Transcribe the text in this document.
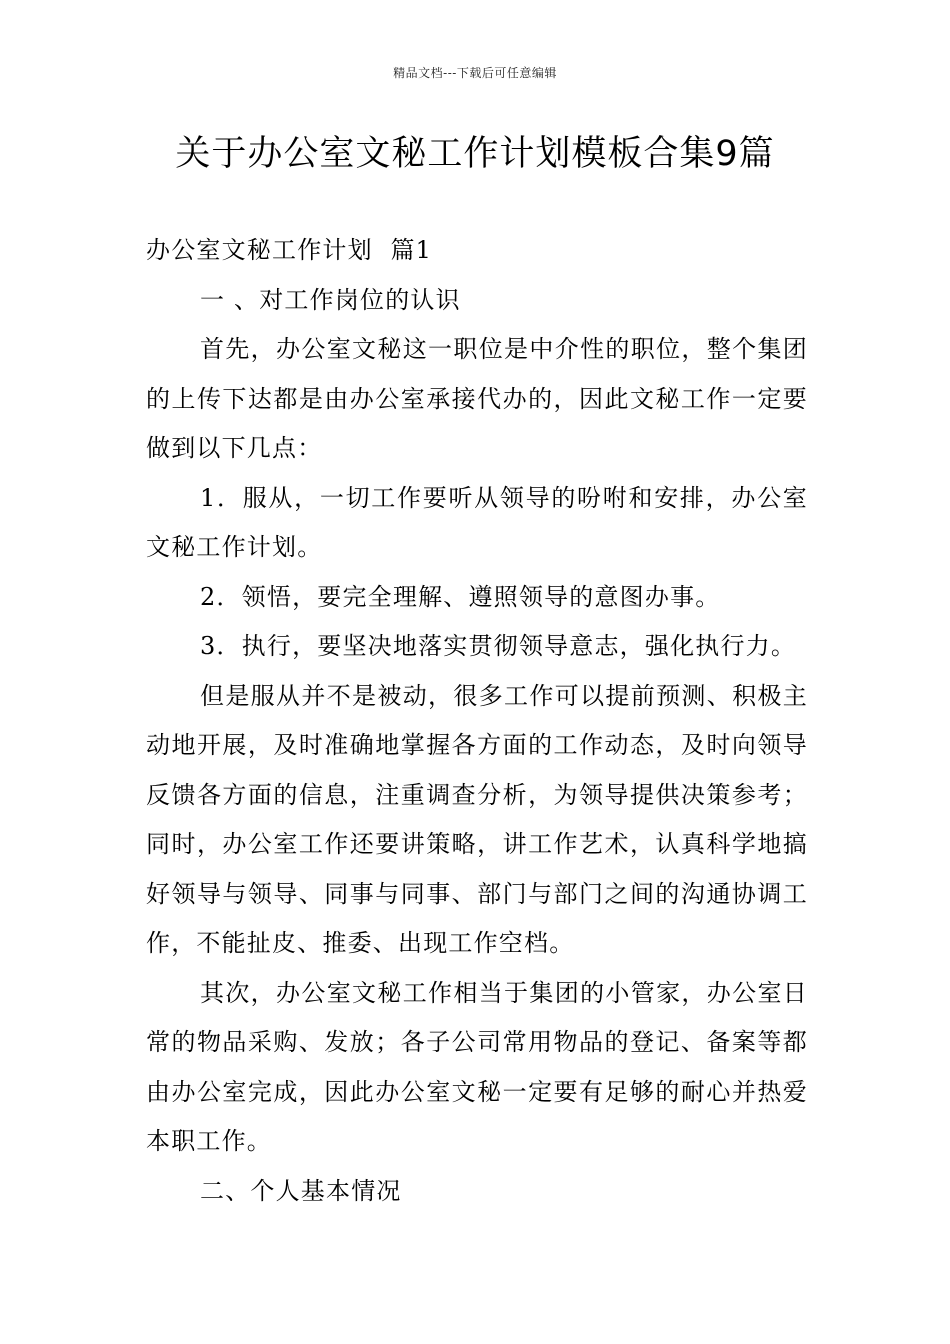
精品文档---下载后可任意编辑
关于办公室文秘工作计划模板合集9篇

办公室文秘工作计划  篇1

一 、对工作岗位的认识

首先，办公室文秘这一职位是中介性的职位，整个集团的上传下达都是由办公室承接代办的，因此文秘工作一定要做到以下几点：

1．服从，一切工作要听从领导的吩咐和安排，办公室文秘工作计划。

2．领悟，要完全理解、遵照领导的意图办事。

3．执行，要坚决地落实贯彻领导意志，强化执行力。

但是服从并不是被动，很多工作可以提前预测、积极主动地开展，及时准确地掌握各方面的工作动态，及时向领导反馈各方面的信息，注重调查分析，为领导提供决策参考；同时，办公室工作还要讲策略，讲工作艺术，认真科学地搞好领导与领导、同事与同事、部门与部门之间的沟通协调工作，不能扯皮、推委、出现工作空档。

其次，办公室文秘工作相当于集团的小管家，办公室日常的物品采购、发放；各子公司常用物品的登记、备案等都由办公室完成，因此办公室文秘一定要有足够的耐心并热爱本职工作。

二、个人基本情况
